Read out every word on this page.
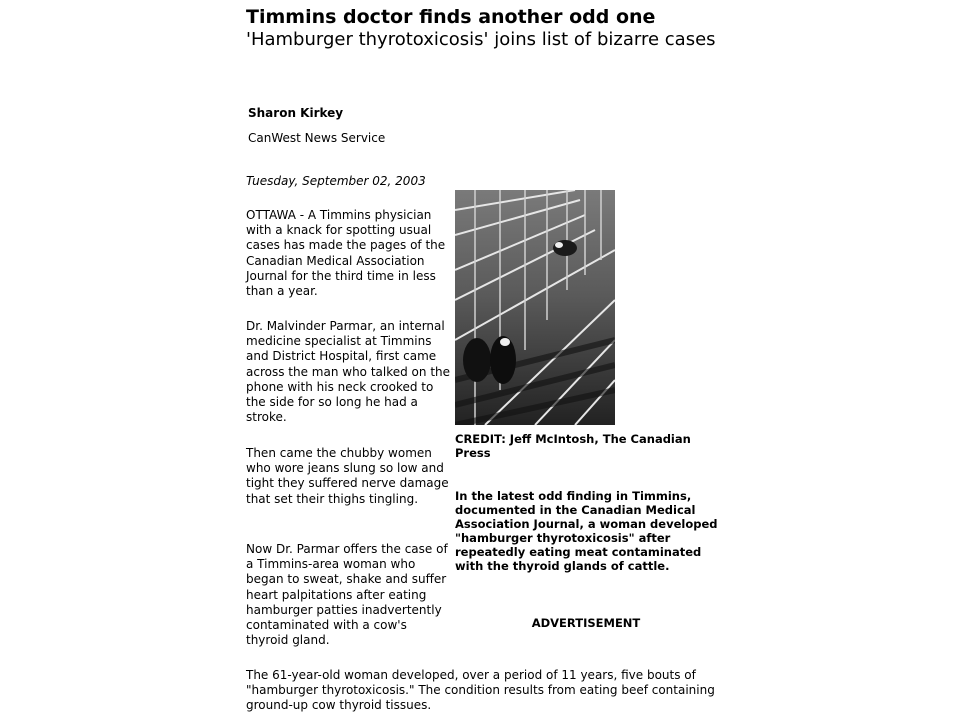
Timmins doctor finds another odd one
'Hamburger thyrotoxicosis' joins list of bizarre cases
Sharon Kirkey
CanWest News Service
Tuesday, September 02, 2003
OTTAWA - A Timmins physician with a knack for spotting usual cases has made the pages of the Canadian Medical Association Journal for the third time in less than a year.
Dr. Malvinder Parmar, an internal medicine specialist at Timmins and District Hospital, first came across the man who talked on the phone with his neck crooked to the side for so long he had a stroke.
Then came the chubby women who wore jeans slung so low and tight they suffered nerve damage that set their thighs tingling.
Now Dr. Parmar offers the case of a Timmins-area woman who began to sweat, shake and suffer heart palpitations after eating hamburger patties inadvertently contaminated with a cow's thyroid gland.
The 61-year-old woman developed, over a period of 11 years, five bouts of "hamburger thyrotoxicosis." The condition results from eating beef containing ground-up cow thyroid tissues.
CREDIT: Jeff McIntosh, The Canadian Press
In the latest odd finding in Timmins, documented in the Canadian Medical Association Journal, a woman developed "hamburger thyrotoxicosis" after repeatedly eating meat contaminated with the thyroid glands of cattle.
ADVERTISEMENT
